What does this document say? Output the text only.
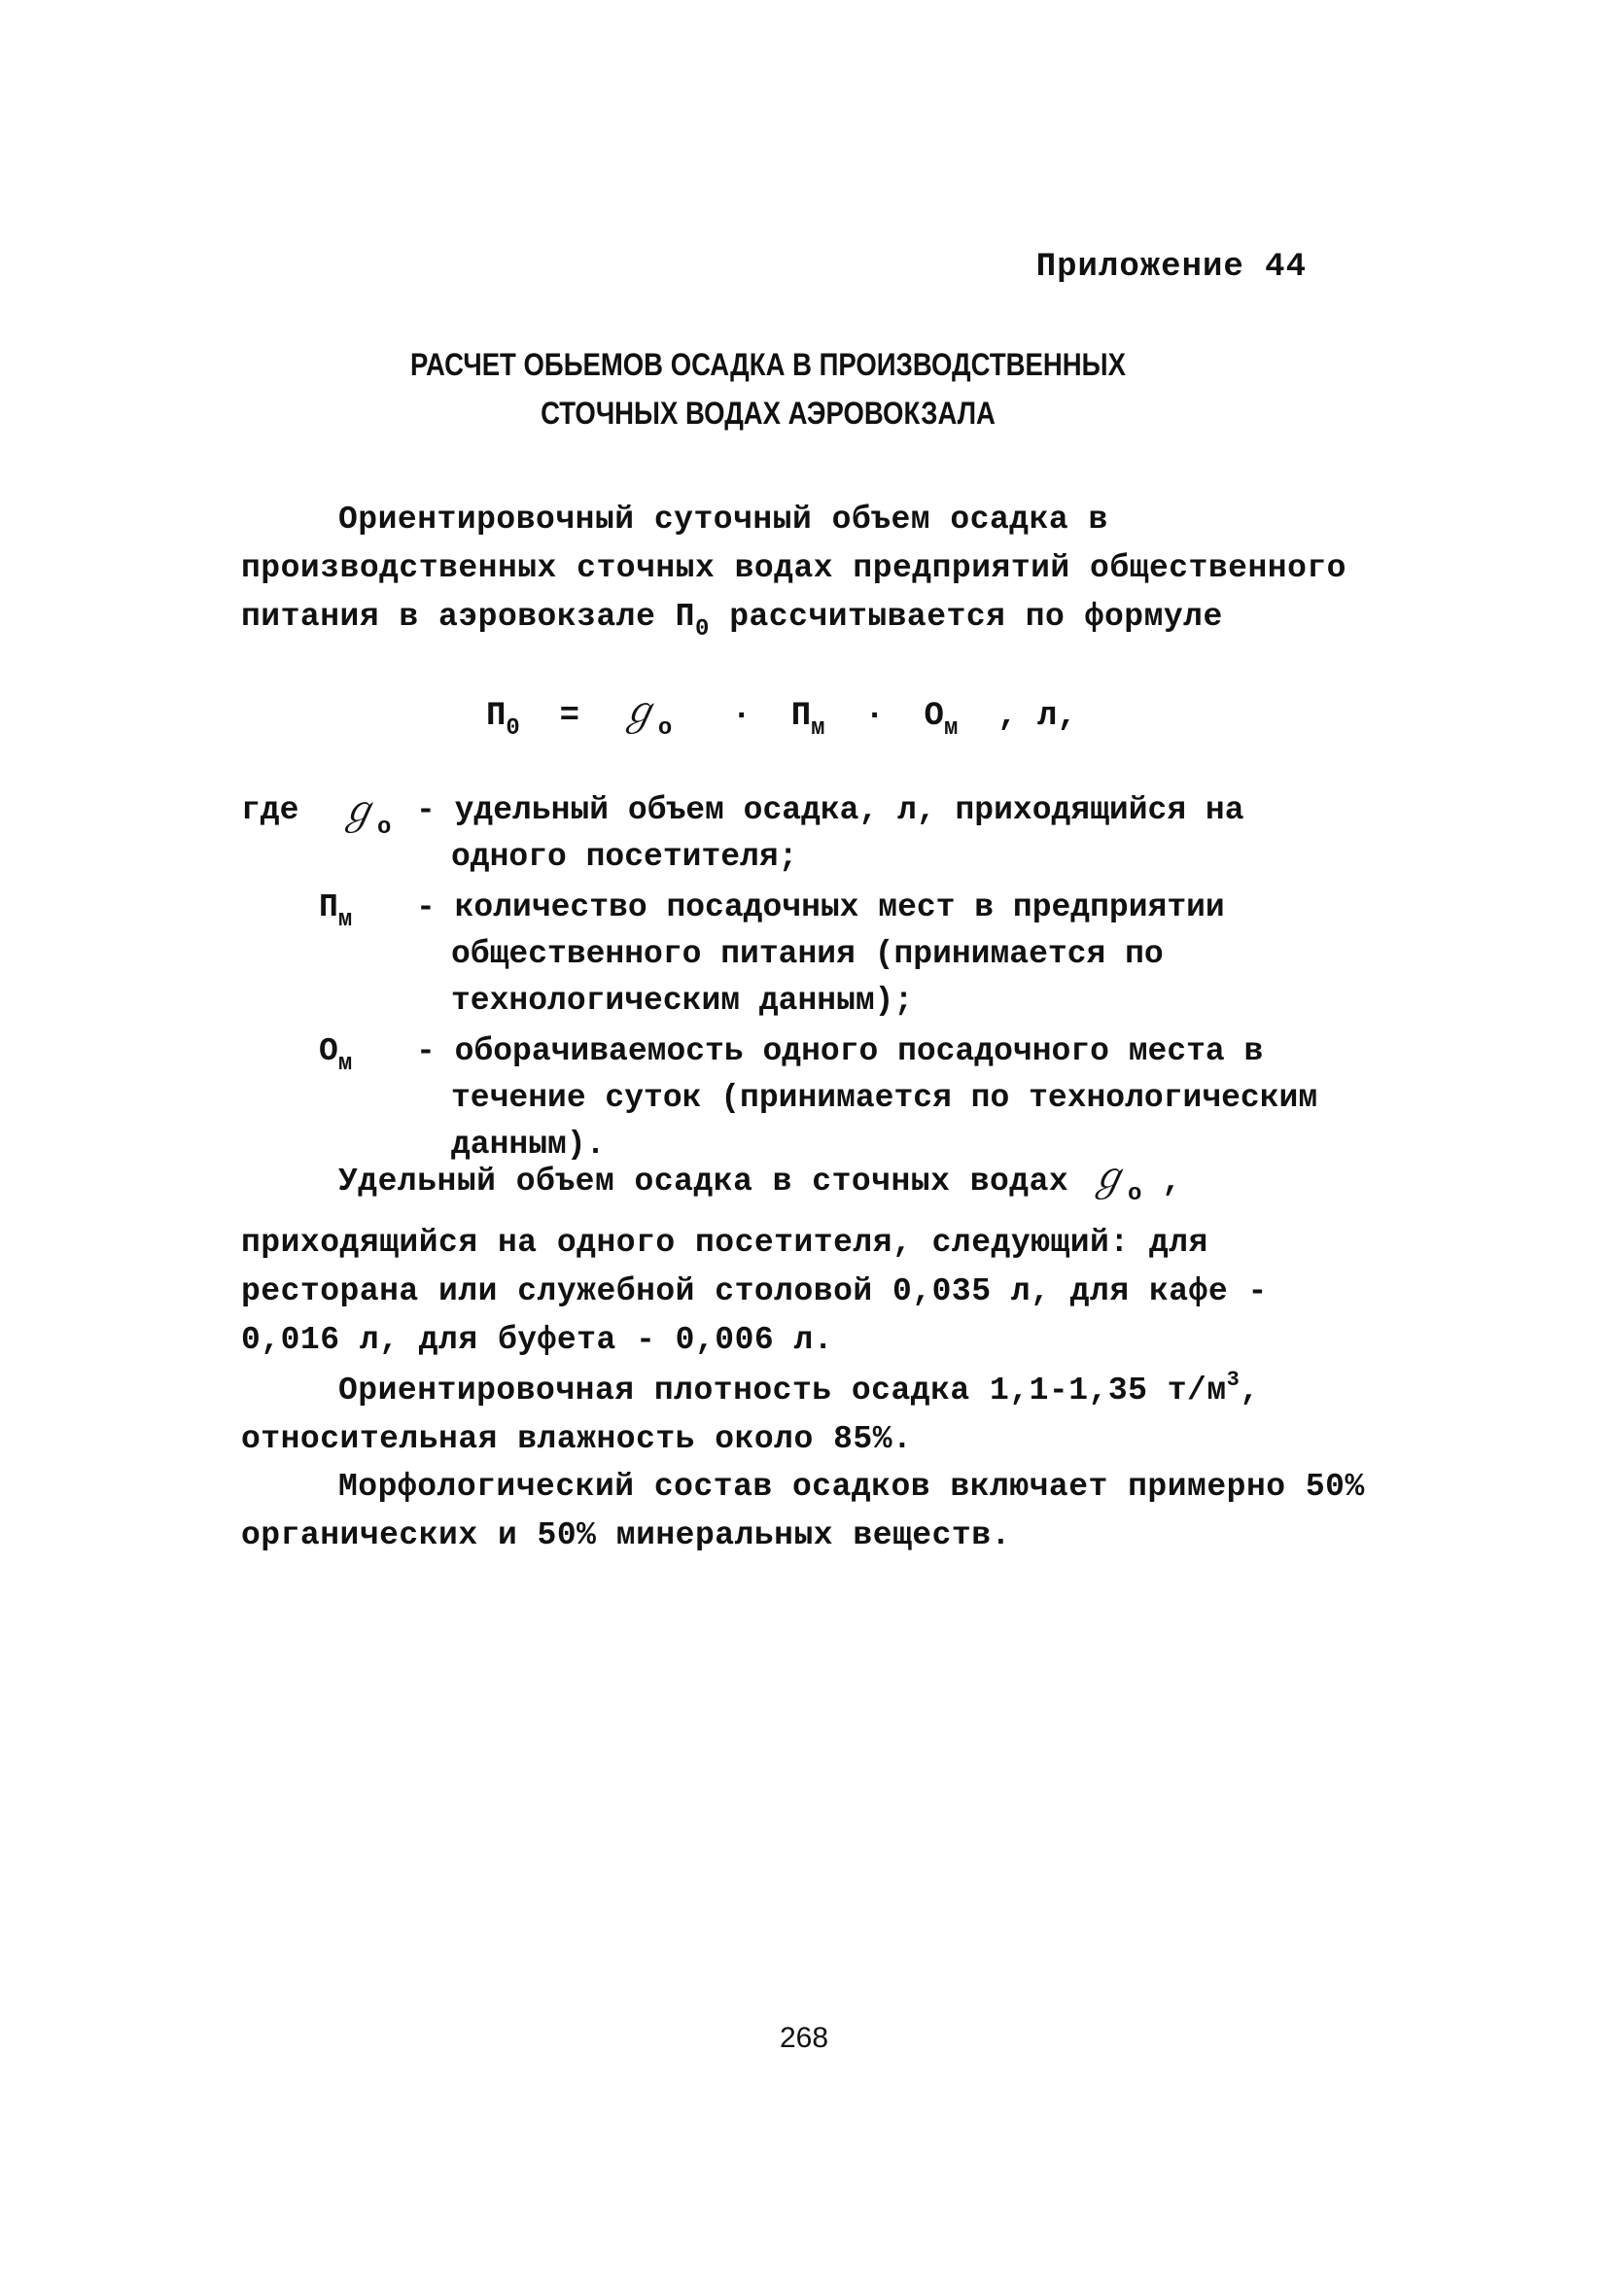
Приложение 44
РАСЧЕТ ОБЬЕМОВ ОСАДКА В ПРОИЗВОДСТВЕННЫХ
СТОЧНЫХ ВОДАХ АЭРОВОКЗАЛА
Ориентировочный суточный объем осадка в производственных сточных водах предприятий общественного питания в аэровокзале $П_0$ рассчитывается по формуле
$П_0$ = ℊ$_o$ · $П_м \cdot О_м$ , л,
где ℊ$_o$ - удельный объем осадка, л, приходящийся на одного посетителя;
$П_м$ - количество посадочных мест в предприятии общественного питания (принимается по технологическим данным);
$О_м$ - оборачиваемость одного посадочного места в течение суток (принимается по технологическим данным).
Удельный объем осадка в сточных водах ℊ$_o$ , приходящийся на одного посетителя, следующий: для ресторана или служебной столовой 0,035 л, для кафе - 0,016 л, для буфета - 0,006 л.
Ориентировочная плотность осадка 1,1-1,35 $т/м^3$, относительная влажность около 85%.
Морфологический состав осадков включает примерно 50% органических и 50% минеральных веществ.
268
